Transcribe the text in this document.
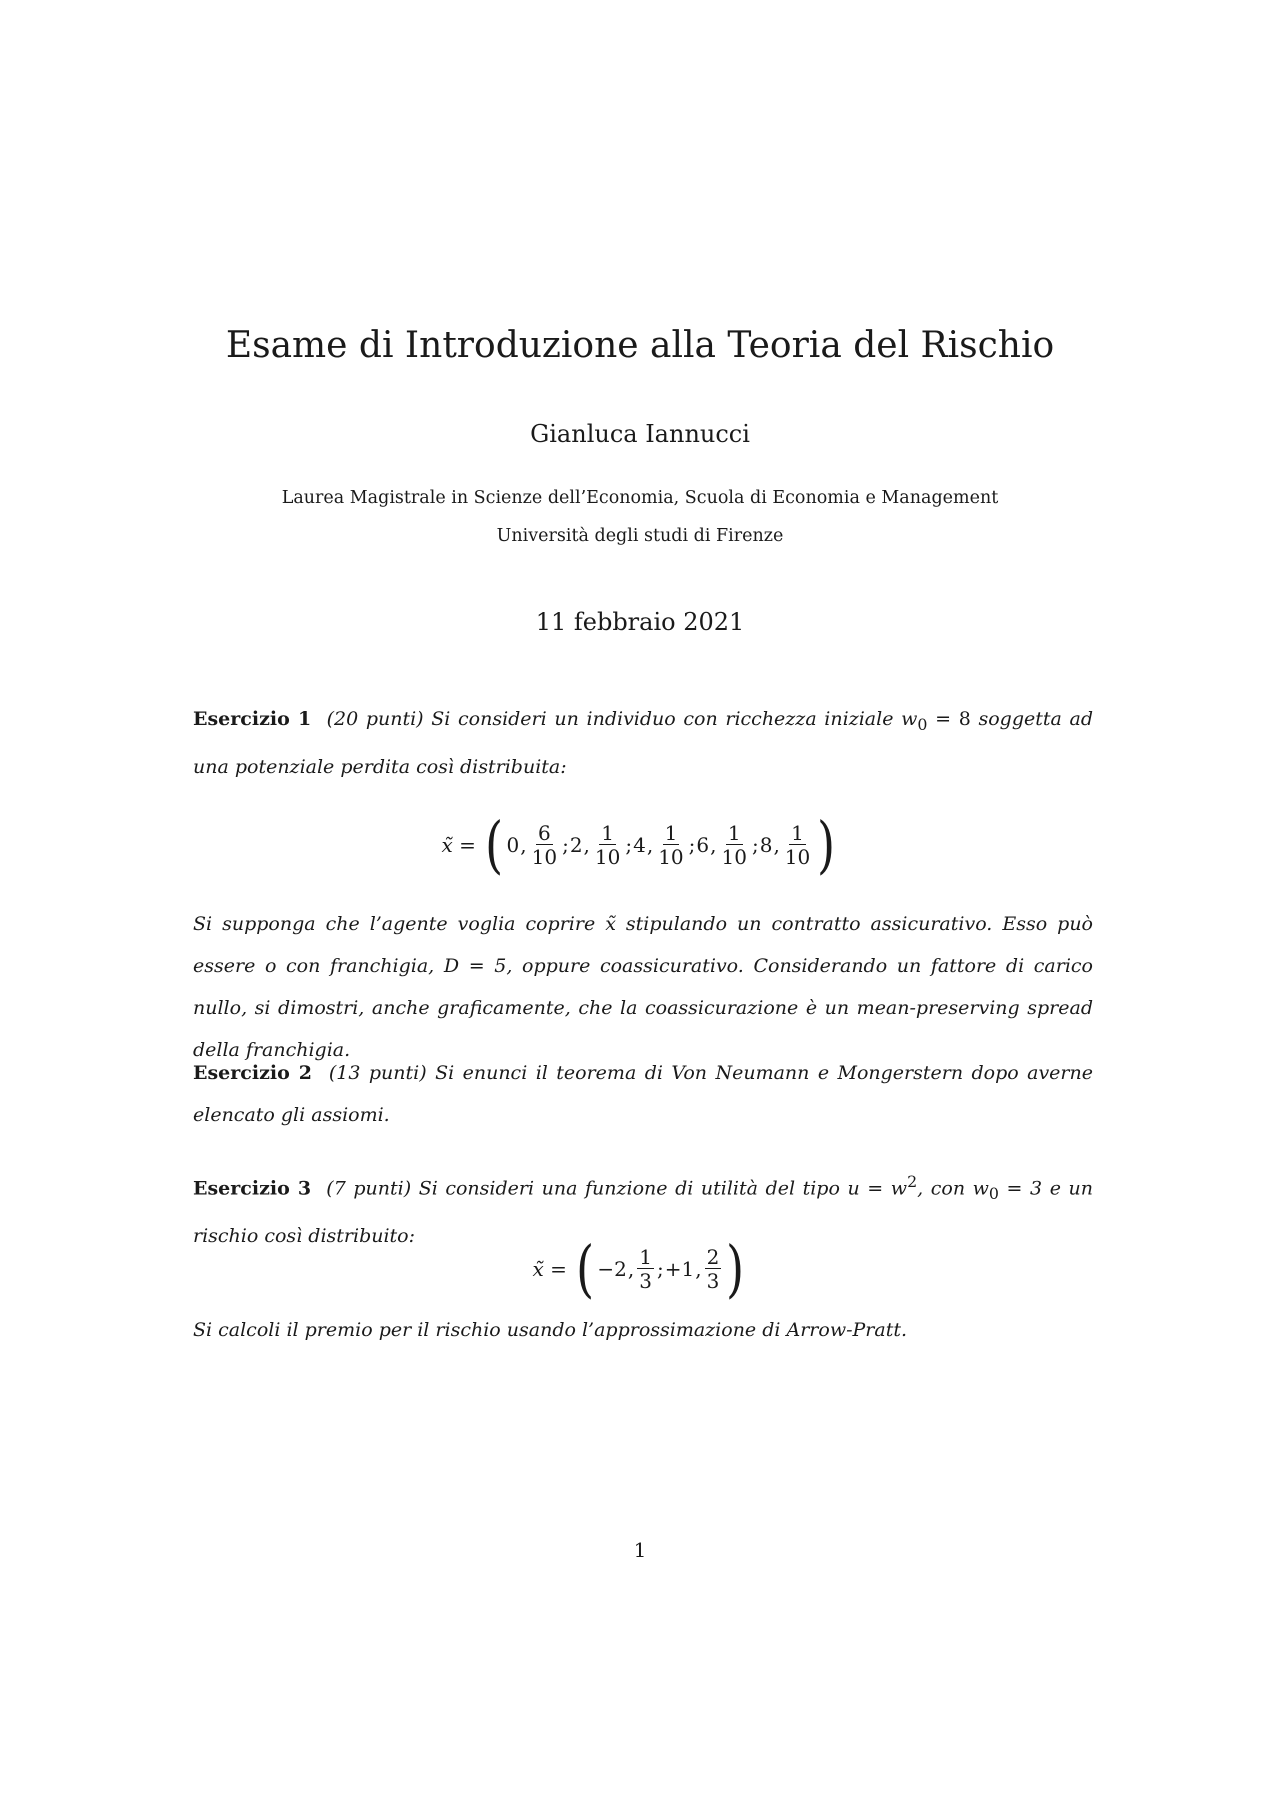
Esame di Introduzione alla Teoria del Rischio
Gianluca Iannucci
Laurea Magistrale in Scienze dell’Economia, Scuola di Economia e Management
Università degli studi di Firenze
11 febbraio 2021
Esercizio 1 (20 punti) Si consideri un individuo con ricchezza iniziale $w_0 = 8$ soggetta ad una potenziale perdita così distribuita:
x̃ =
( 0 , $\frac{6}{10}$ ; 2 , $\frac{1}{10}$ ; 4 , $\frac{1}{10}$ ; 6 , $\frac{1}{10}$ ; 8 , $\frac{1}{10}$ )
Si supponga che l’agente voglia coprire x̃ stipulando un contratto assicurativo. Esso può essere o con franchigia, D = 5, oppure coassicurativo. Considerando un fattore di carico nullo, si dimostri, anche graficamente, che la coassicurazione è un mean-preserving spread della franchigia.
Esercizio 2 (13 punti) Si enunci il teorema di Von Neumann e Mongerstern dopo averne elencato gli assiomi.
Esercizio 3 (7 punti) Si consideri una funzione di utilità del tipo $u = w^2$, con $w_0 = 3$ e un rischio così distribuito:
x̃ =
( −2 , $\frac{1}{3}$ ; +1 , $\frac{2}{3}$ )
Si calcoli il premio per il rischio usando l’approssimazione di Arrow-Pratt.
1
